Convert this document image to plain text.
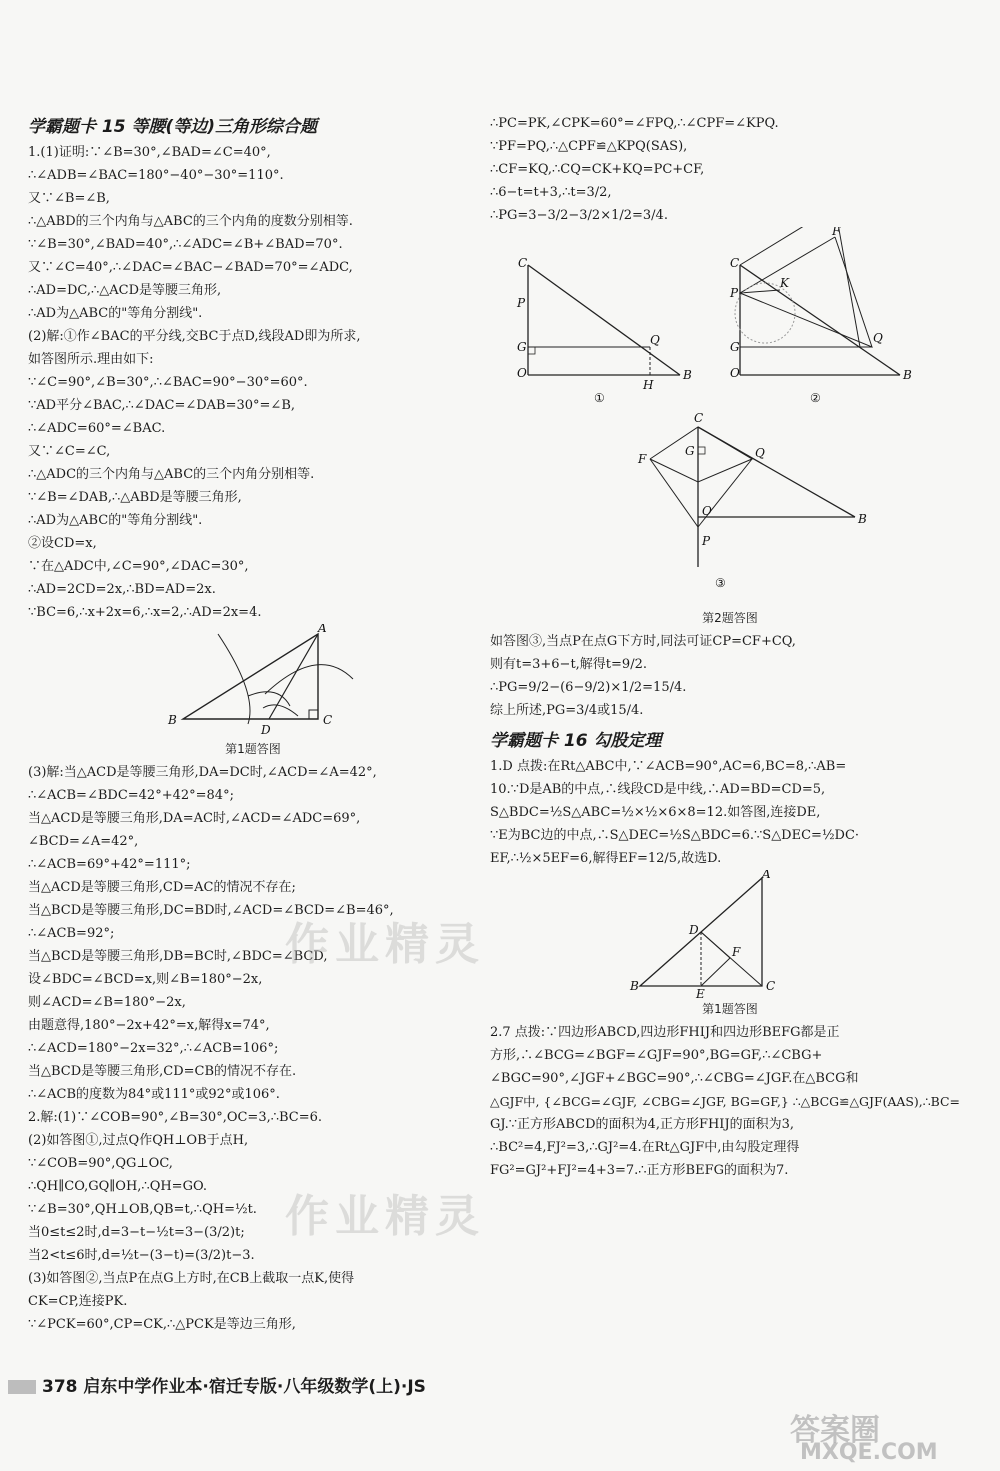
学霸题卡 15 等腰(等边)三角形综合题
1.(1)证明:∵∠B=30°,∠BAD=∠C=40°,
∴∠ADB=∠BAC=180°−40°−30°=110°.
又∵∠B=∠B,
∴△ABD的三个内角与△ABC的三个内角的度数分别相等.
∵∠B=30°,∠BAD=40°,∴∠ADC=∠B+∠BAD=70°.
又∵∠C=40°,∴∠DAC=∠BAC−∠BAD=70°=∠ADC,
∴AD=DC,∴△ACD是等腰三角形,
∴AD为△ABC的"等角分割线".
(2)解:①作∠BAC的平分线,交BC于点D,线段AD即为所求,
如答图所示.理由如下:
∵∠C=90°,∠B=30°,∴∠BAC=90°−30°=60°.
∵AD平分∠BAC,∴∠DAC=∠DAB=30°=∠B,
∴∠ADC=60°=∠BAC.
又∵∠C=∠C,
∴△ADC的三个内角与△ABC的三个内角分别相等.
∵∠B=∠DAB,∴△ABD是等腰三角形,
∴AD为△ABC的"等角分割线".
②设CD=x,
∵在△ADC中,∠C=90°,∠DAC=30°,
∴AD=2CD=2x,∴BD=AD=2x.
∵BC=6,∴x+2x=6,∴x=2,∴AD=2x=4.
A
B
D
C
第1题答图
(3)解:当△ACD是等腰三角形,DA=DC时,∠ACD=∠A=42°,
∴∠ACB=∠BDC=42°+42°=84°;
当△ACD是等腰三角形,DA=AC时,∠ACD=∠ADC=69°,
∠BCD=∠A=42°,
∴∠ACB=69°+42°=111°;
当△ACD是等腰三角形,CD=AC的情况不存在;
当△BCD是等腰三角形,DC=BD时,∠ACD=∠BCD=∠B=46°,
∴∠ACB=92°;
当△BCD是等腰三角形,DB=BC时,∠BDC=∠BCD,
设∠BDC=∠BCD=x,则∠B=180°−2x,
则∠ACD=∠B=180°−2x,
由题意得,180°−2x+42°=x,解得x=74°,
∴∠ACD=180°−2x=32°,∴∠ACB=106°;
当△BCD是等腰三角形,CD=CB的情况不存在.
∴∠ACB的度数为84°或111°或92°或106°.
2.解:(1)∵∠COB=90°,∠B=30°,OC=3,∴BC=6.
(2)如答图①,过点Q作QH⊥OB于点H,
∵∠COB=90°,QG⊥OC,
∴QH∥CO,GQ∥OH,∴QH=GO.
∵∠B=30°,QH⊥OB,QB=t,∴QH=½t.
当0≤t≤2时,d=3−t−½t=3−(3/2)t;
当2<t≤6时,d=½t−(3−t)=(3/2)t−3.
(3)如答图②,当点P在点G上方时,在CB上截取一点K,使得
CK=CP,连接PK.
∵∠PCK=60°,CP=CK,∴△PCK是等边三角形,
∴PC=PK,∠CPK=60°=∠FPQ,∴∠CPF=∠KPQ.
∵PF=PQ,∴△CPF≌△KPQ(SAS),
∴CF=KQ,∴CQ=CK+KQ=PC+CF,
∴6−t=t+3,∴t=3/2,
∴PG=3−3/2−3/2×1/2=3/4.
C
P
G
O
Q
H
B
①
F
C
K
P
G
O
Q
B
②
C
F
G	Q
O
P
B
③
第2题答图
如答图③,当点P在点G下方时,同法可证CP=CF+CQ,
则有t=3+6−t,解得t=9/2.
∴PG=9/2−(6−9/2)×1/2=15/4.
综上所述,PG=3/4或15/4.
学霸题卡 16 勾股定理
1.D 点拨:在Rt△ABC中,∵∠ACB=90°,AC=6,BC=8,∴AB=
10.∵D是AB的中点,∴线段CD是中线,∴AD=BD=CD=5,
S△BDC=½S△ABC=½×½×6×8=12.如答图,连接DE,
∵E为BC边的中点,∴S△DEC=½S△BDC=6.∵S△DEC=½DC·
EF,∴½×5EF=6,解得EF=12/5,故选D.
A
D
F
B
E
C
第1题答图
2.7 点拨:∵四边形ABCD,四边形FHIJ和四边形BEFG都是正
方形,∴∠BCG=∠BGF=∠GJF=90°,BG=GF,∴∠CBG+
∠BGC=90°,∠JGF+∠BGC=90°,∴∠CBG=∠JGF.在△BCG和
△GJF中, {∠BCG=∠GJF, ∠CBG=∠JGF, BG=GF,} ∴△BCG≌△GJF(AAS),∴BC=
GJ.∵正方形ABCD的面积为4,正方形FHIJ的面积为3,
∴BC²=4,FJ²=3,∴GJ²=4.在Rt△GJF中,由勾股定理得
FG²=GJ²+FJ²=4+3=7.∴正方形BEFG的面积为7.
作业精灵
作业精灵
378 启东中学作业本·宿迁专版·八年级数学(上)·JS
答案圈
MXQE.COM
